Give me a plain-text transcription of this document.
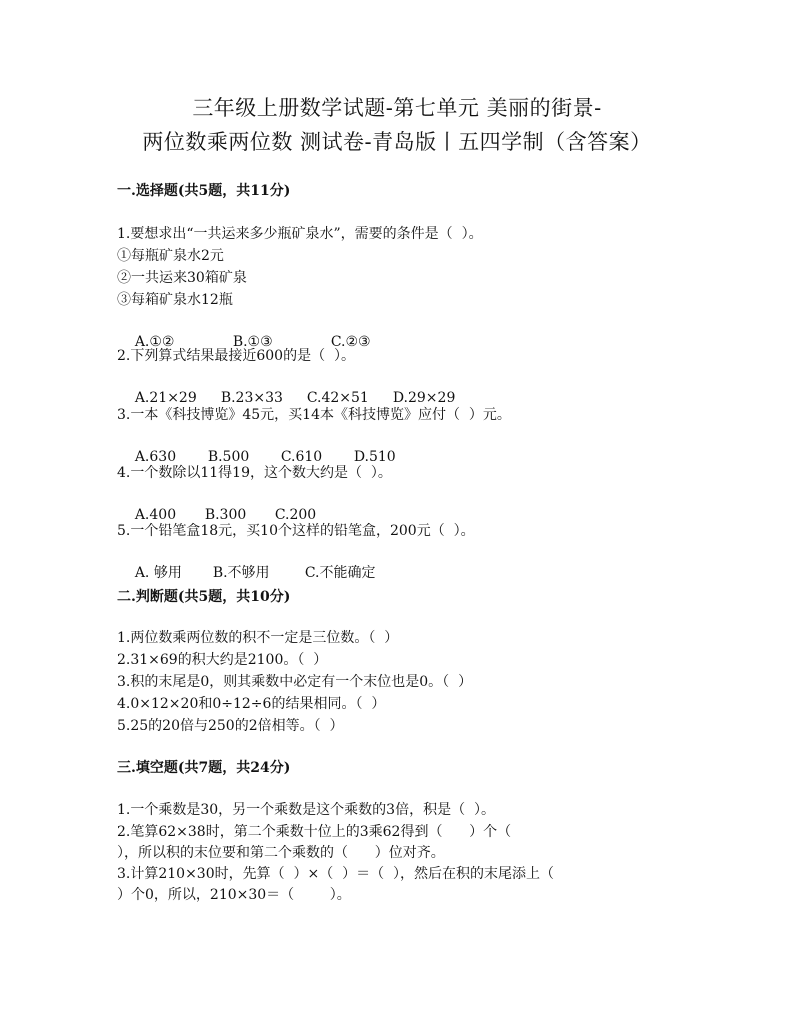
三年级上册数学试题-第七单元 美丽的街景-
两位数乘两位数 测试卷-青岛版丨五四学制（含答案）
一.选择题(共5题，共11分)
1.要想求出“一共运来多少瓶矿泉水”，需要的条件是（  ）。
①每瓶矿泉水2元
②一共运来30箱矿泉
③每箱矿泉水12瓶

A.①②	B.①③	C.②③

2.下列算式结果最接近600的是（  ）。

A.21×29 B.23×33 C.42×51 D.29×29

3.一本《科技博览》45元，买14本《科技博览》应付（  ）元。

A.630 B.500 C.610 D.510

4.一个数除以11得19，这个数大约是（  ）。

A.400 B.300 C.200

5.一个铅笔盒18元，买10个这样的铅笔盒，200元（  ）。

A. 够用 B.不够用	C.不能确定

二.判断题(共5题，共10分)
1.两位数乘两位数的积不一定是三位数。（  ）
2.31×69的积大约是2100。（  ）
3.积的末尾是0，则其乘数中必定有一个末位也是0。（  ）
4.0×12×20和0÷12÷6的结果相同。（  ）
5.25的20倍与250的2倍相等。（  ）
三.填空题(共7题，共24分)
1.一个乘数是30，另一个乘数是这个乘数的3倍，积是（  ）。
2.笔算62×38时，第二个乘数十位上的3乘62得到（      ）个（
），所以积的末位要和第二个乘数的（      ）位对齐。
3.计算210×30时，先算（  ）×（  ）＝（  ），然后在积的末尾添上（
）个0，所以，210×30＝（        ）。
